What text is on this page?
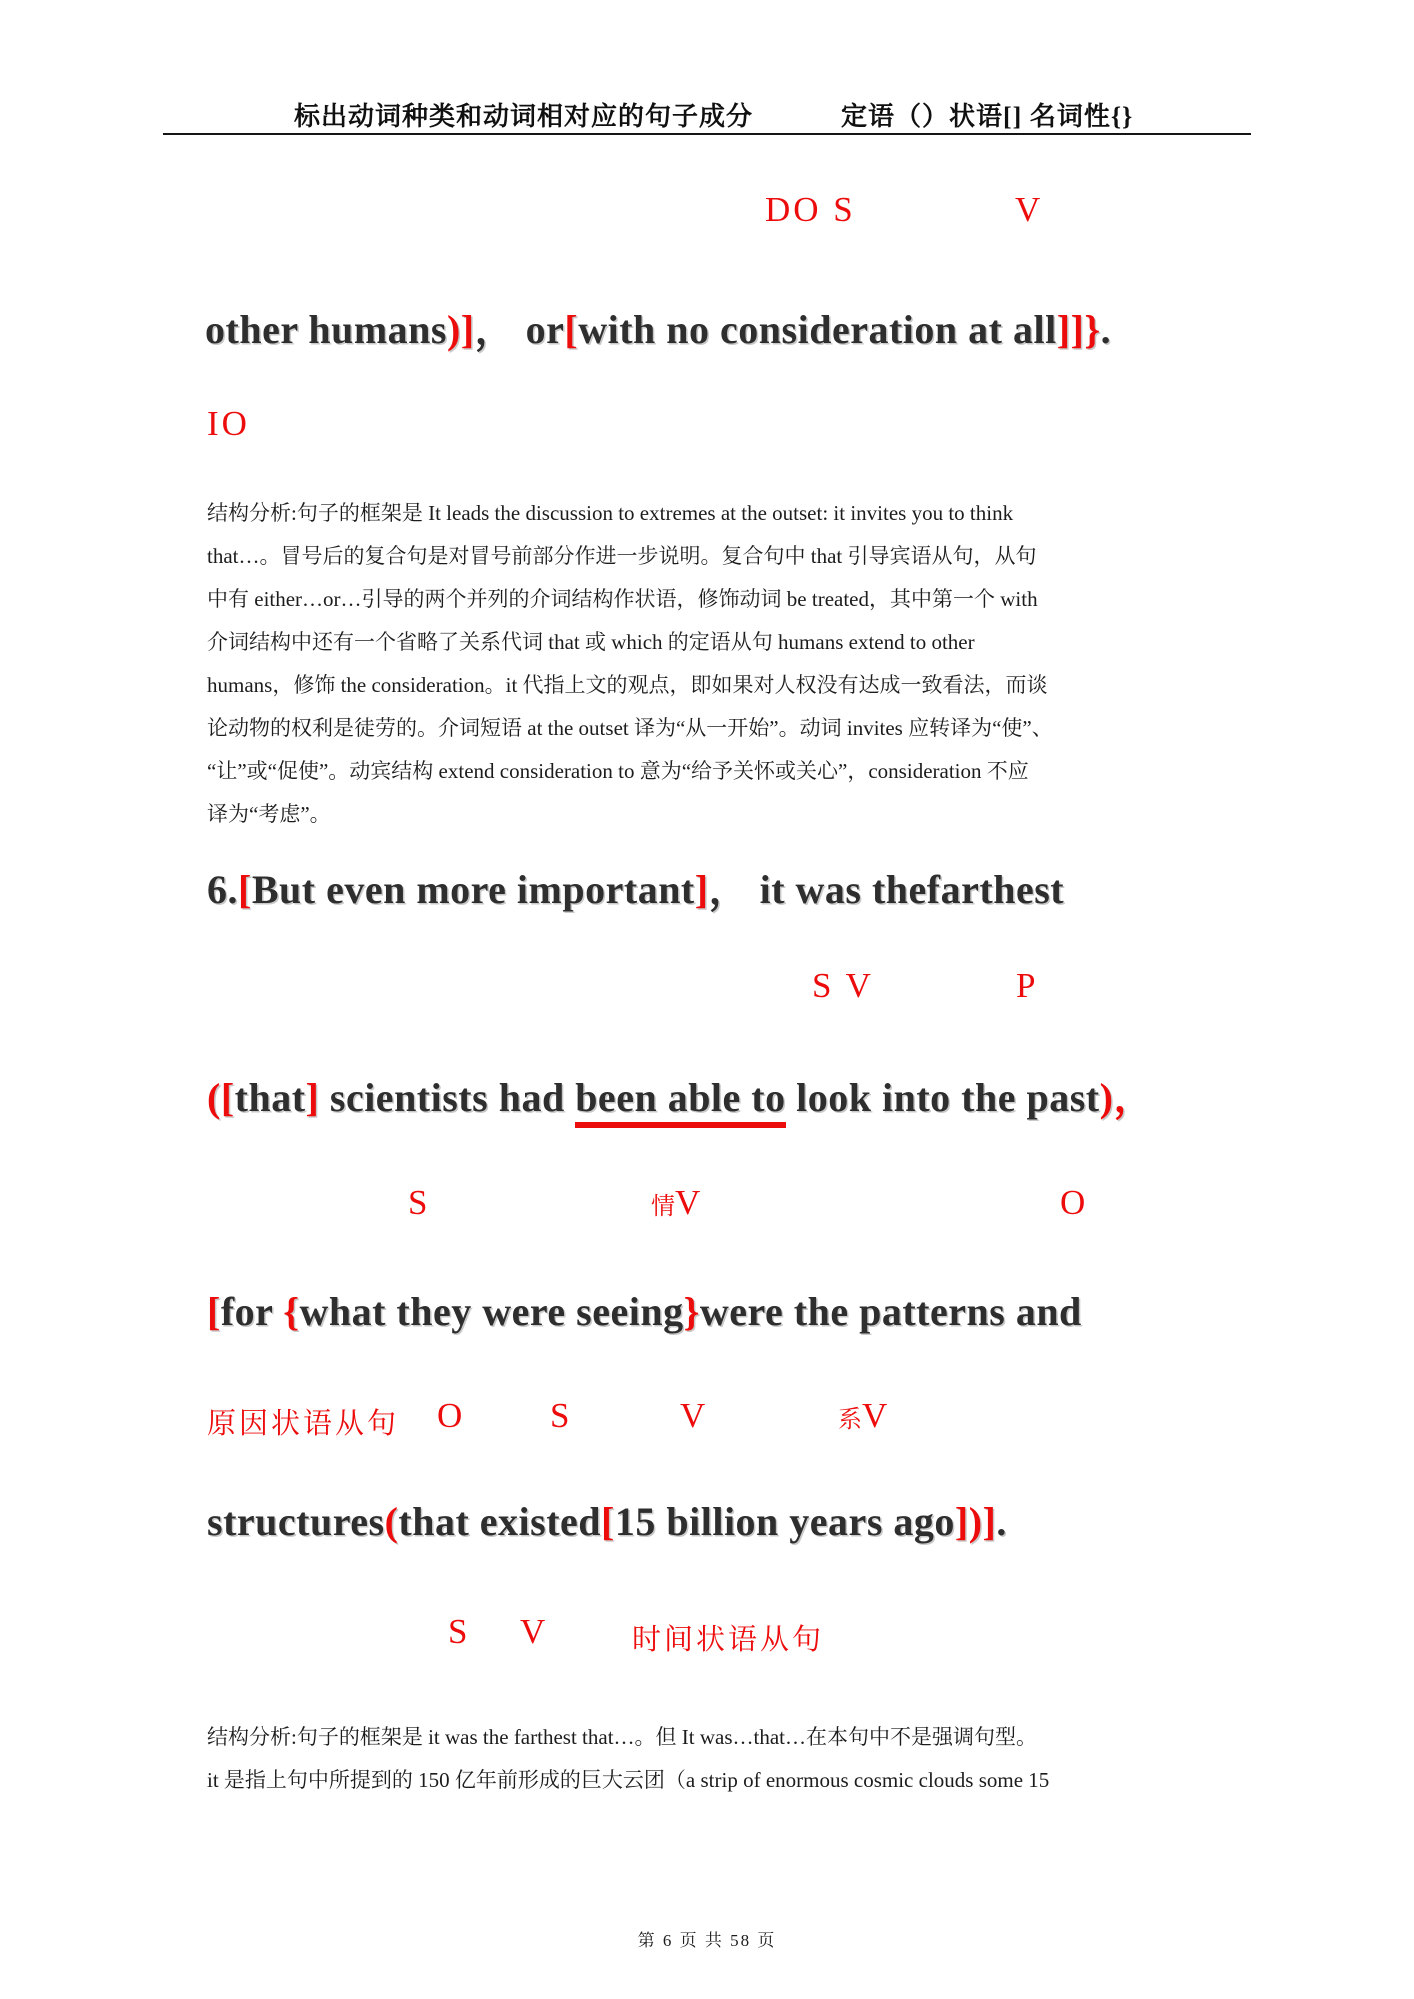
标出动词种类和动词相对应的句子成分	定语（）状语[] 名词性{}
DO S	V
other humans)]， or[with no consideration at all]]}.
IO
结构分析:句子的框架是 It leads the discussion to extremes at the outset: it invites you to think
that…。冒号后的复合句是对冒号前部分作进一步说明。复合句中 that 引导宾语从句，从句
中有 either…or…引导的两个并列的介词结构作状语，修饰动词 be treated，其中第一个 with
介词结构中还有一个省略了关系代词 that 或 which 的定语从句 humans extend to other
humans，修饰 the consideration。it 代指上文的观点，即如果对人权没有达成一致看法，而谈
论动物的权利是徒劳的。介词短语 at the outset 译为“从一开始”。动词 invites 应转译为“使”、
“让”或“促使”。动宾结构 extend consideration to 意为“给予关怀或关心”，consideration 不应
译为“考虑”。
6.[But even more important]， it was thefarthest
S V	P
([that] scientists had been able to look into the past)，
S	情V	O
[for {what they were seeing}were the patterns and
原因状语从句 O S	V	系V
structures(that existed[15 billion years ago])].
S V	时间状语从句
结构分析:句子的框架是 it was the farthest that…。但 It was…that…在本句中不是强调句型。
it 是指上句中所提到的 150 亿年前形成的巨大云团（a strip of enormous cosmic clouds some 15
第 6 页 共 58 页
